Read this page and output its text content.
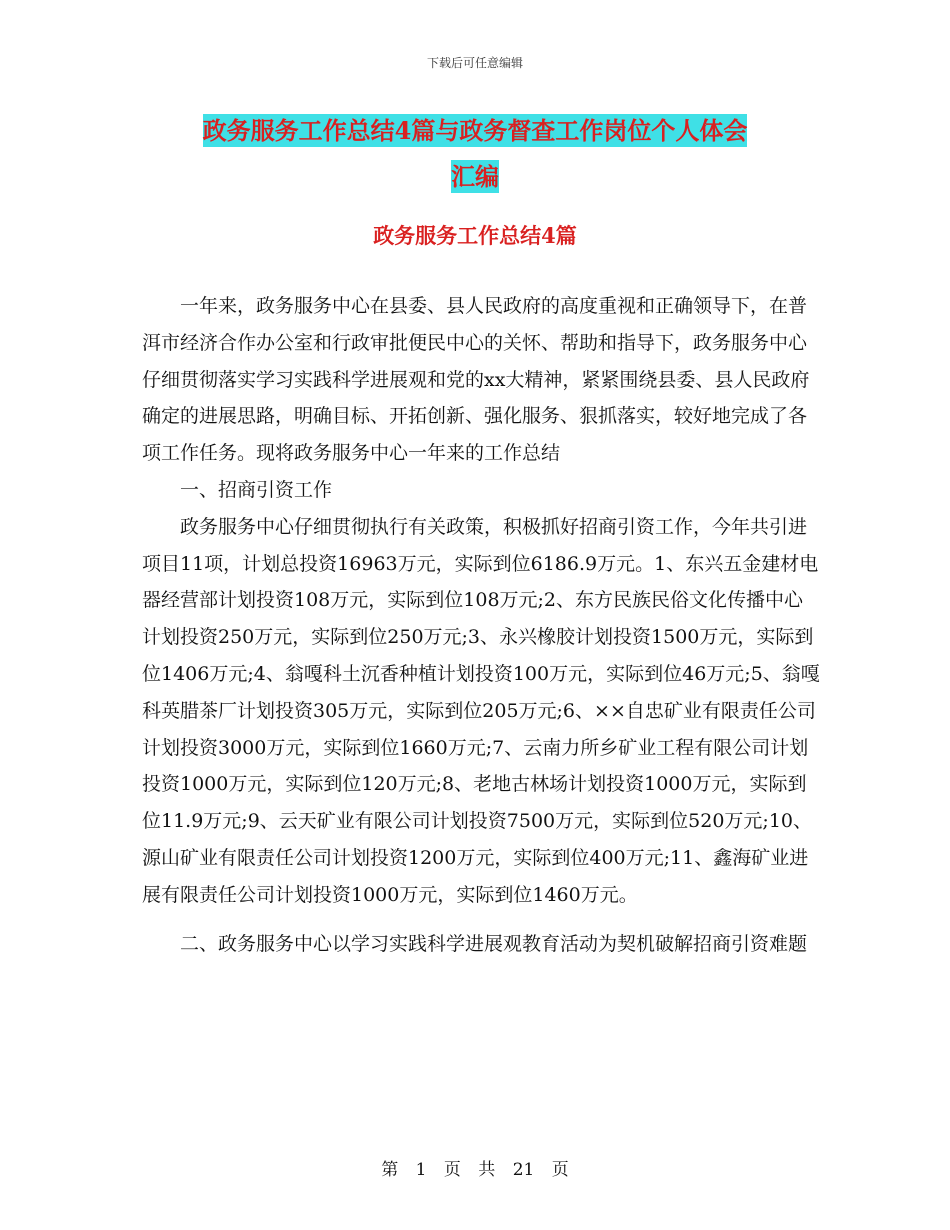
下载后可任意编辑
政务服务工作总结4篇与政务督查工作岗位个人体会
汇编
政务服务工作总结4篇

一年来，政务服务中心在县委、县人民政府的高度重视和正确领导下，在普洱市经济合作办公室和行政审批便民中心的关怀、帮助和指导下，政务服务中心仔细贯彻落实学习实践科学进展观和党的xx大精神，紧紧围绕县委、县人民政府确定的进展思路，明确目标、开拓创新、强化服务、狠抓落实，较好地完成了各项工作任务。现将政务服务中心一年来的工作总结

一、招商引资工作

政务服务中心仔细贯彻执行有关政策，积极抓好招商引资工作，今年共引进项目11项，计划总投资16963万元，实际到位6186.9万元。1、东兴五金建材电器经营部计划投资108万元，实际到位108万元;2、东方民族民俗文化传播中心计划投资250万元，实际到位250万元;3、永兴橡胶计划投资1500万元，实际到位1406万元;4、翁嘎科土沉香种植计划投资100万元，实际到位46万元;5、翁嘎科英腊茶厂计划投资305万元，实际到位205万元;6、××自忠矿业有限责任公司计划投资3000万元，实际到位1660万元;7、云南力所乡矿业工程有限公司计划投资1000万元，实际到位120万元;8、老地古林场计划投资1000万元，实际到位11.9万元;9、云天矿业有限公司计划投资7500万元，实际到位520万元;10、源山矿业有限责任公司计划投资1200万元，实际到位400万元;11、鑫海矿业进展有限责任公司计划投资1000万元，实际到位1460万元。

二、政务服务中心以学习实践科学进展观教育活动为契机破解招商引资难题

第 1 页 共 21 页
